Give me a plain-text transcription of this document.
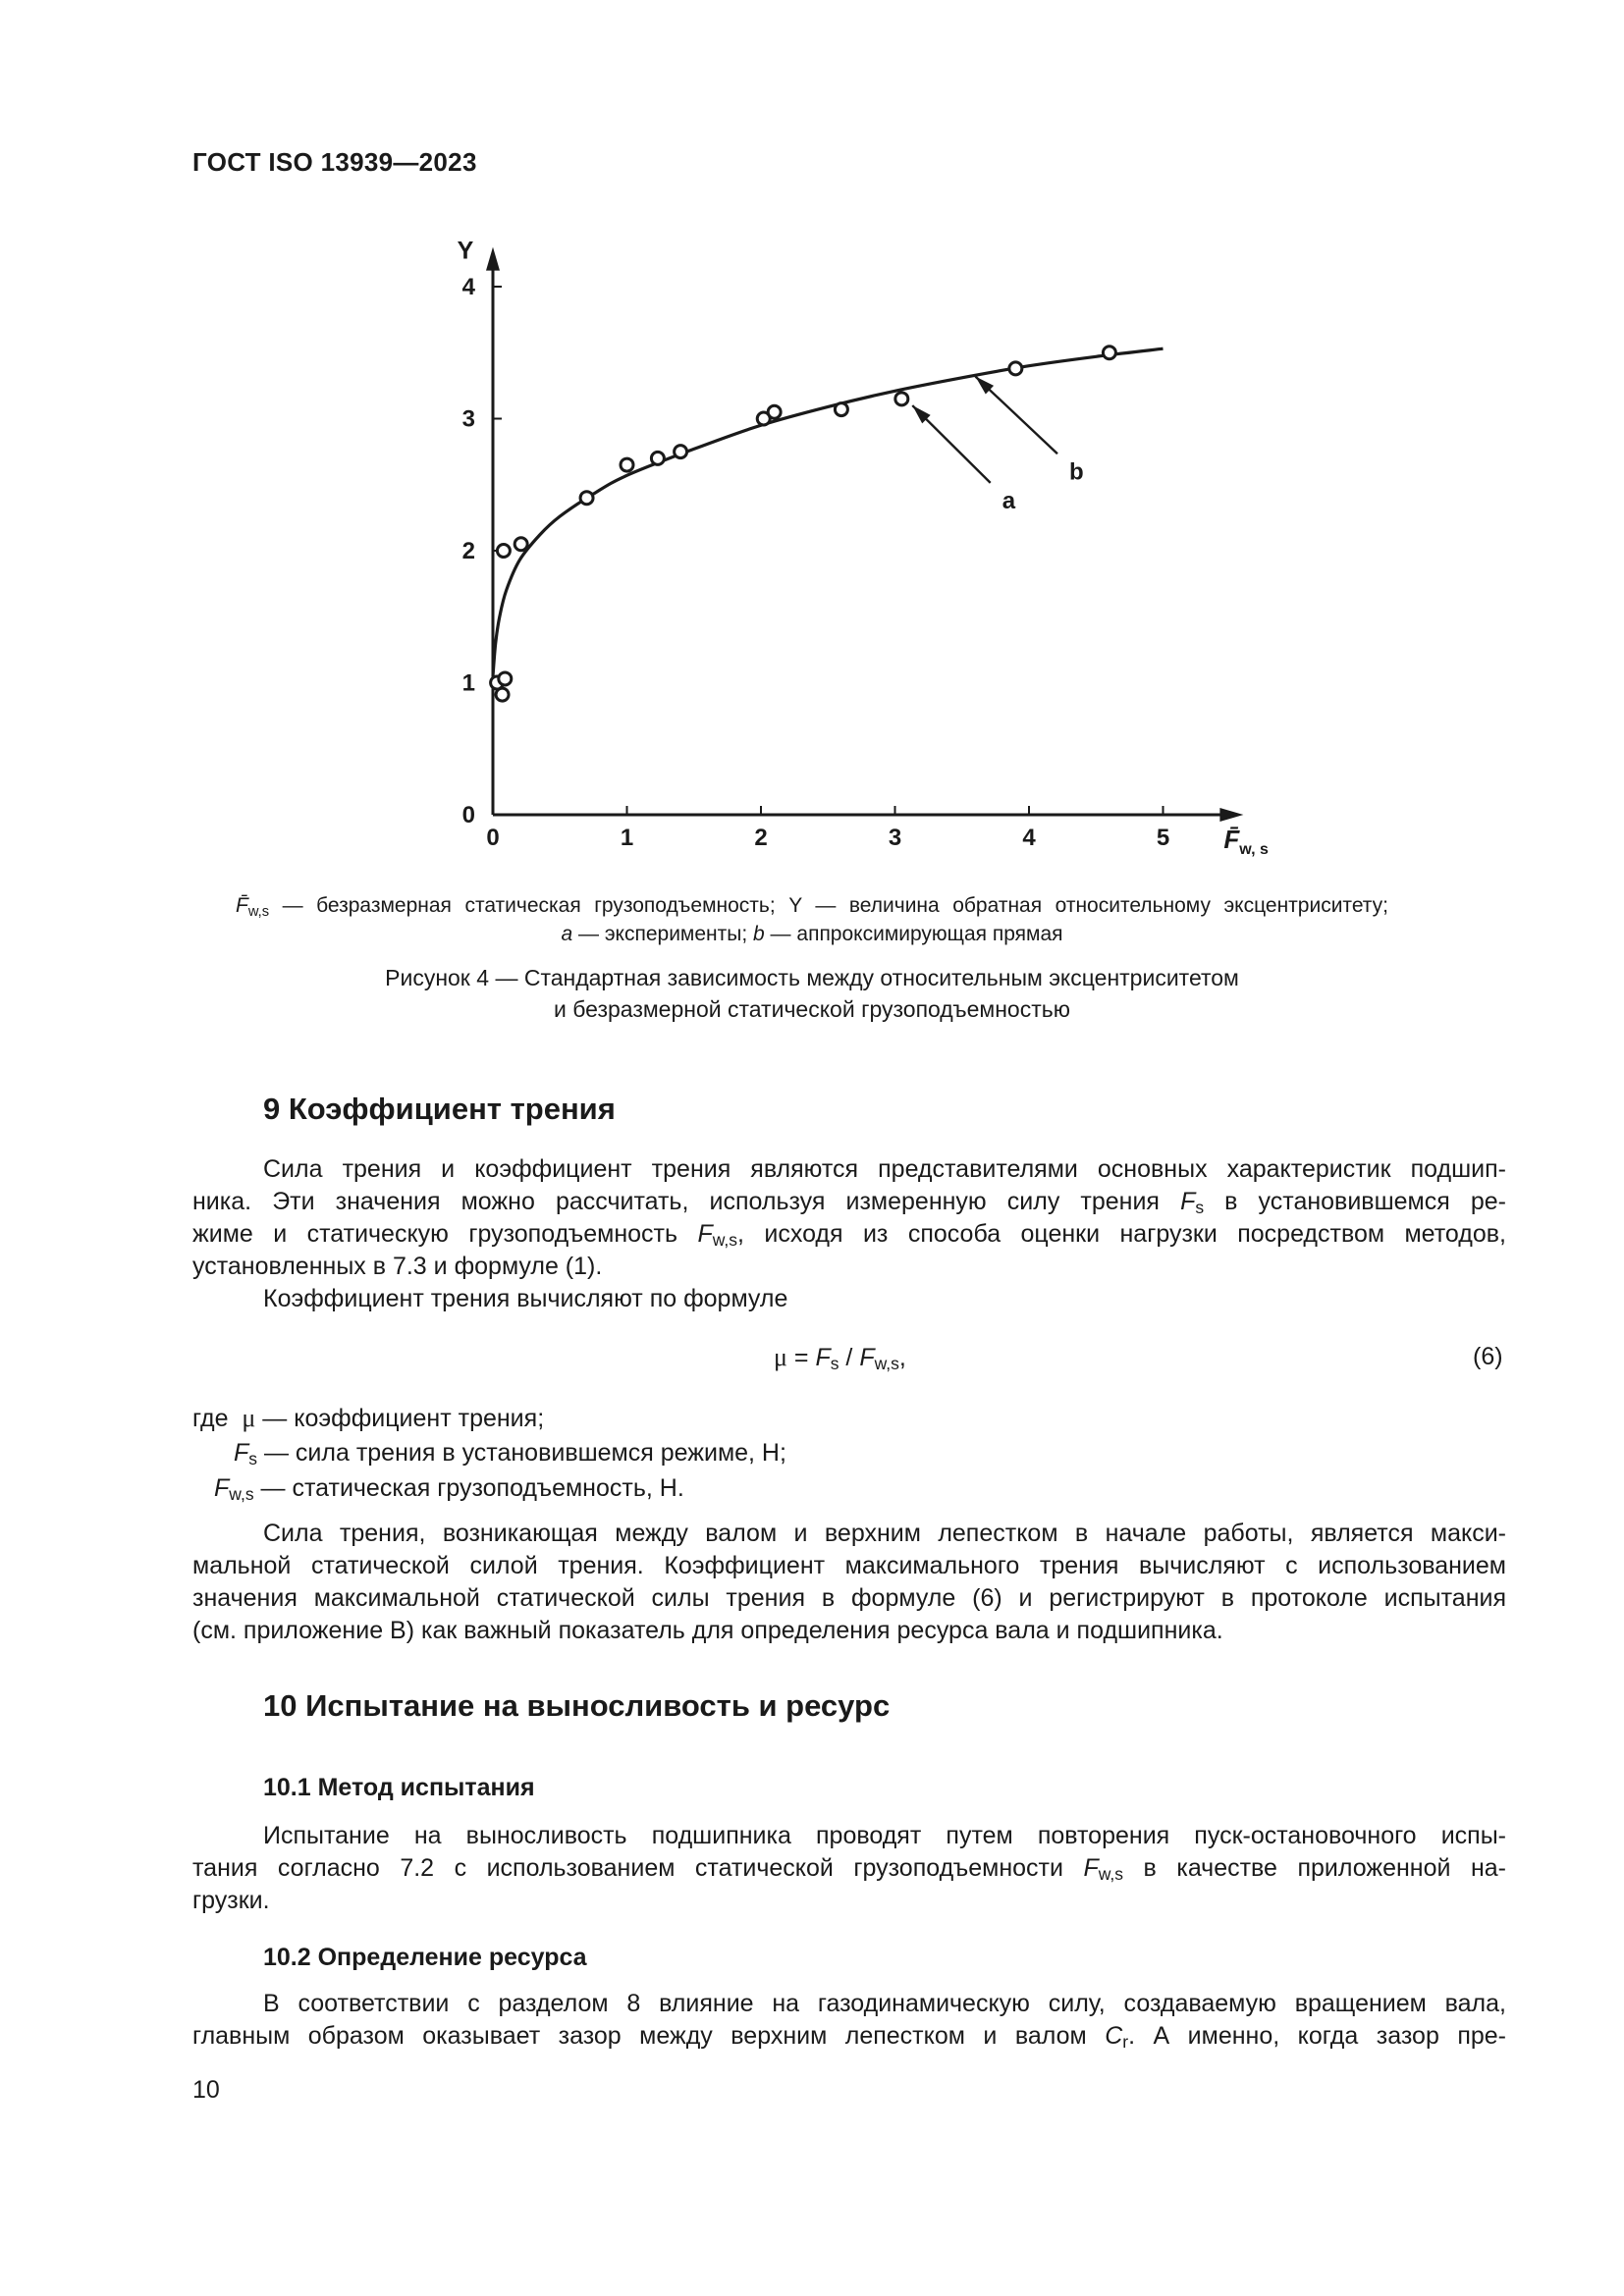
ГОСТ ISO 13939—2023
0	1	2	3	4	5
0
1
2
3
4
Y
$F̄_{w, s}$
a
b
$F̄_{w,s}$ — безразмерная статическая грузоподъемность; Y — величина обратная относительному эксцентриситету;
a — эксперименты; b — аппроксимирующая прямая
Рисунок 4 — Стандартная зависимость между относительным эксцентриситетом
и безразмерной статической грузоподъемностью
9 Коэффициент трения
Сила трения и коэффициент трения являются представителями основных характеристик подшип-
ника. Эти значения можно рассчитать, используя измеренную силу трения $F_s$ в установившемся ре-
жиме и статическую грузоподъемность $F_{w,s}$, исходя из способа оценки нагрузки посредством методов,
установленных в 7.3 и формуле (1).
Коэффициент трения вычисляют по формуле
$\mu = F_s / F_{w,s}$,	(6)
где μ — коэффициент трения;
$F_s$ — сила трения в установившемся режиме, Н;
$F_{w,s}$ — статическая грузоподъемность, Н.
Сила трения, возникающая между валом и верхним лепестком в начале работы, является макси-
мальной статической силой трения. Коэффициент максимального трения вычисляют с использованием
значения максимальной статической силы трения в формуле (6) и регистрируют в протоколе испытания
(см. приложение В) как важный показатель для определения ресурса вала и подшипника.
10 Испытание на выносливость и ресурс
10.1 Метод испытания
Испытание на выносливость подшипника проводят путем повторения пуск-остановочного испы-
тания согласно 7.2 с использованием статической грузоподъемности $F_{w,s}$ в качестве приложенной на-
грузки.
10.2 Определение ресурса
В соответствии с разделом 8 влияние на газодинамическую силу, создаваемую вращением вала,
главным образом оказывает зазор между верхним лепестком и валом $C_r$. А именно, когда зазор пре-
10
